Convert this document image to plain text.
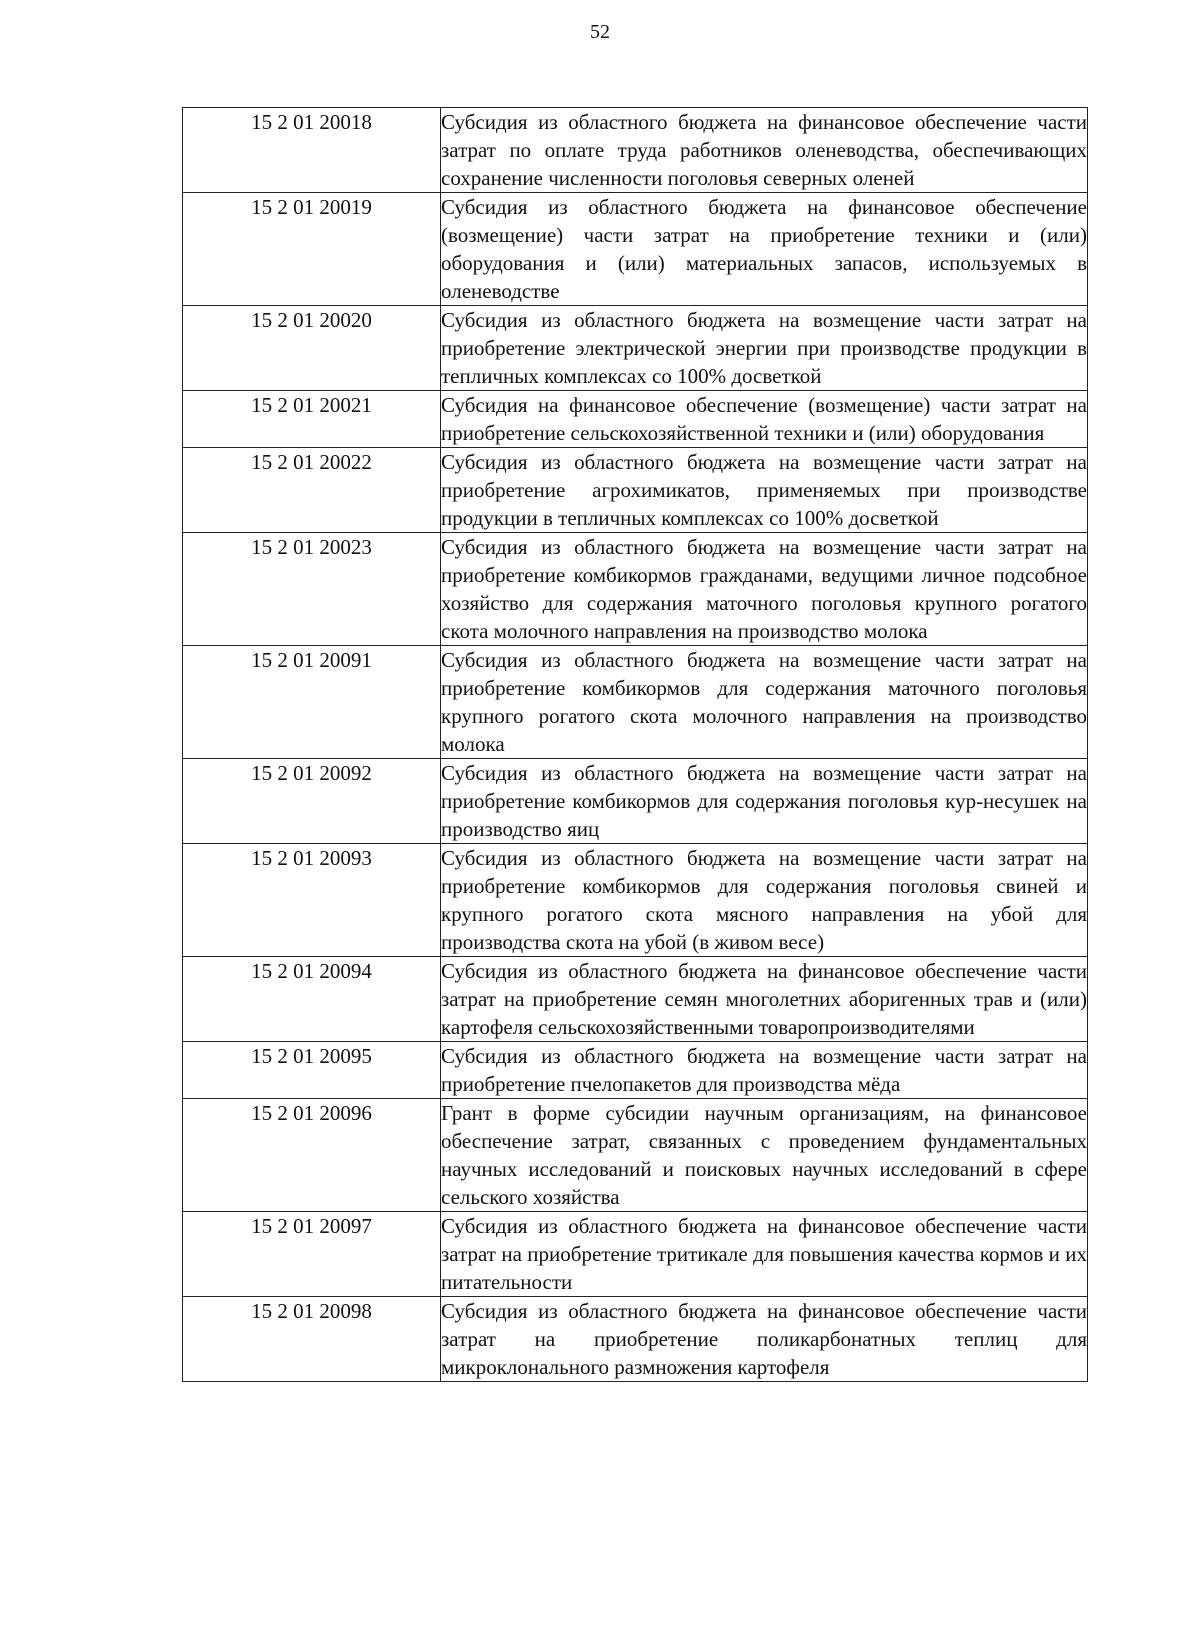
52
15 2 01 20018	Субсидия из областного бюджета на финансовое обеспечение части затрат по оплате труда работников оленеводства, обеспечивающих сохранение численности поголовья северных оленей
15 2 01 20019	Субсидия из областного бюджета на финансовое обеспечение (возмещение) части затрат на приобретение техники и (или) оборудования и (или) материальных запасов, используемых в оленеводстве
15 2 01 20020	Субсидия из областного бюджета на возмещение части затрат на приобретение электрической энергии при производстве продукции в тепличных комплексах со 100% досветкой
15 2 01 20021	Субсидия на финансовое обеспечение (возмещение) части затрат на приобретение сельскохозяйственной техники и (или) оборудования
15 2 01 20022	Субсидия из областного бюджета на возмещение части затрат на приобретение агрохимикатов, применяемых при производстве продукции в тепличных комплексах со 100% досветкой
15 2 01 20023	Субсидия из областного бюджета на возмещение части затрат на приобретение комбикормов гражданами, ведущими личное подсобное хозяйство для содержания маточного поголовья крупного рогатого скота молочного направления на производство молока
15 2 01 20091	Субсидия из областного бюджета на возмещение части затрат на приобретение комбикормов для содержания маточного поголовья крупного рогатого скота молочного направления на производство молока
15 2 01 20092	Субсидия из областного бюджета на возмещение части затрат на приобретение комбикормов для содержания поголовья кур-несушек на производство яиц
15 2 01 20093	Субсидия из областного бюджета на возмещение части затрат на приобретение комбикормов для содержания поголовья свиней и крупного рогатого скота мясного направления на убой для производства скота на убой (в живом весе)
15 2 01 20094	Субсидия из областного бюджета на финансовое обеспечение части затрат на приобретение семян многолетних аборигенных трав и (или) картофеля сельскохозяйственными товаропроизводителями
15 2 01 20095	Субсидия из областного бюджета на возмещение части затрат на приобретение пчелопакетов для производства мёда
15 2 01 20096	Грант в форме субсидии научным организациям, на финансовое обеспечение затрат, связанных с проведением фундаментальных научных исследований и поисковых научных исследований в сфере сельского хозяйства
15 2 01 20097	Субсидия из областного бюджета на финансовое обеспечение части затрат на приобретение тритикале для повышения качества кормов и их питательности
15 2 01 20098	Субсидия из областного бюджета на финансовое обеспечение части затрат на приобретение поликарбонатных теплиц для микроклонального размножения картофеля
